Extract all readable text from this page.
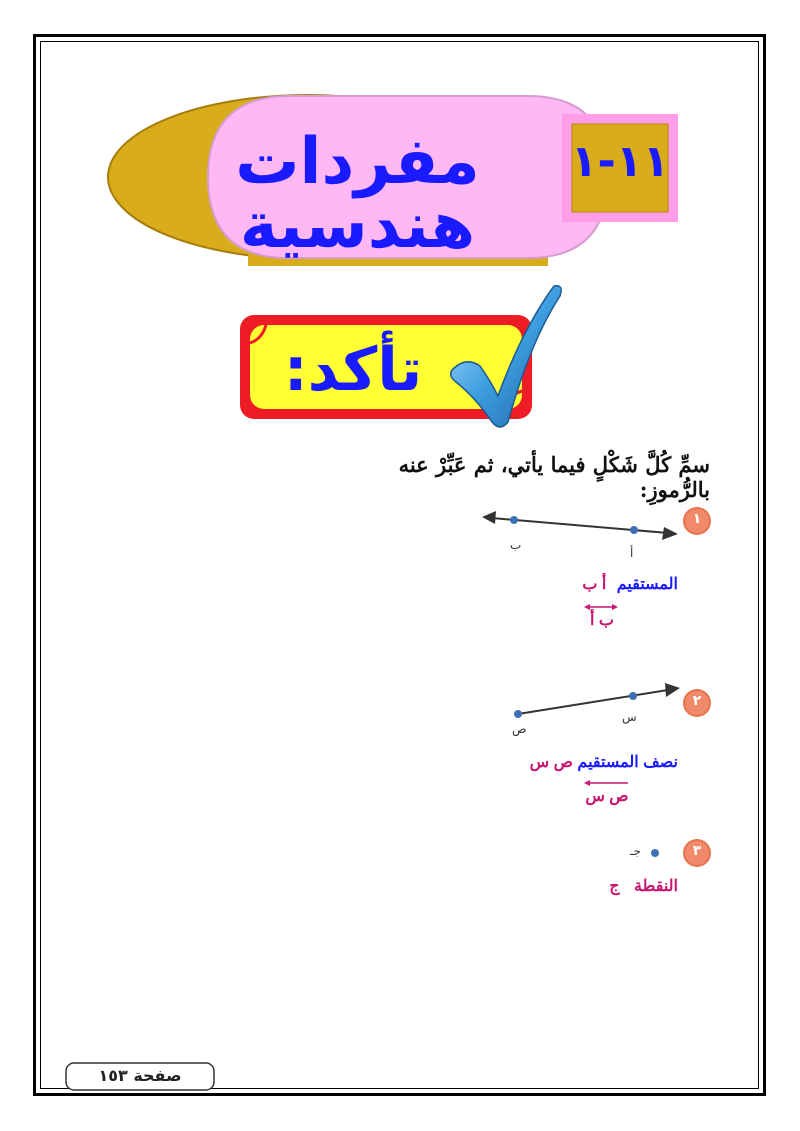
١١-١
مفردات هندسية
تأكد:
سمِّ كُلَّ شَكْلٍ فيما يأتي، ثم عَبِّرْ عنه بالرُّموزِ:
١
ب
أ
المستقيم أ ب
ب أ
٢
ص
س
نصف المستقيم ص س
ص س
٣
جـ
النقطة ج
صفحة ١٥٣
